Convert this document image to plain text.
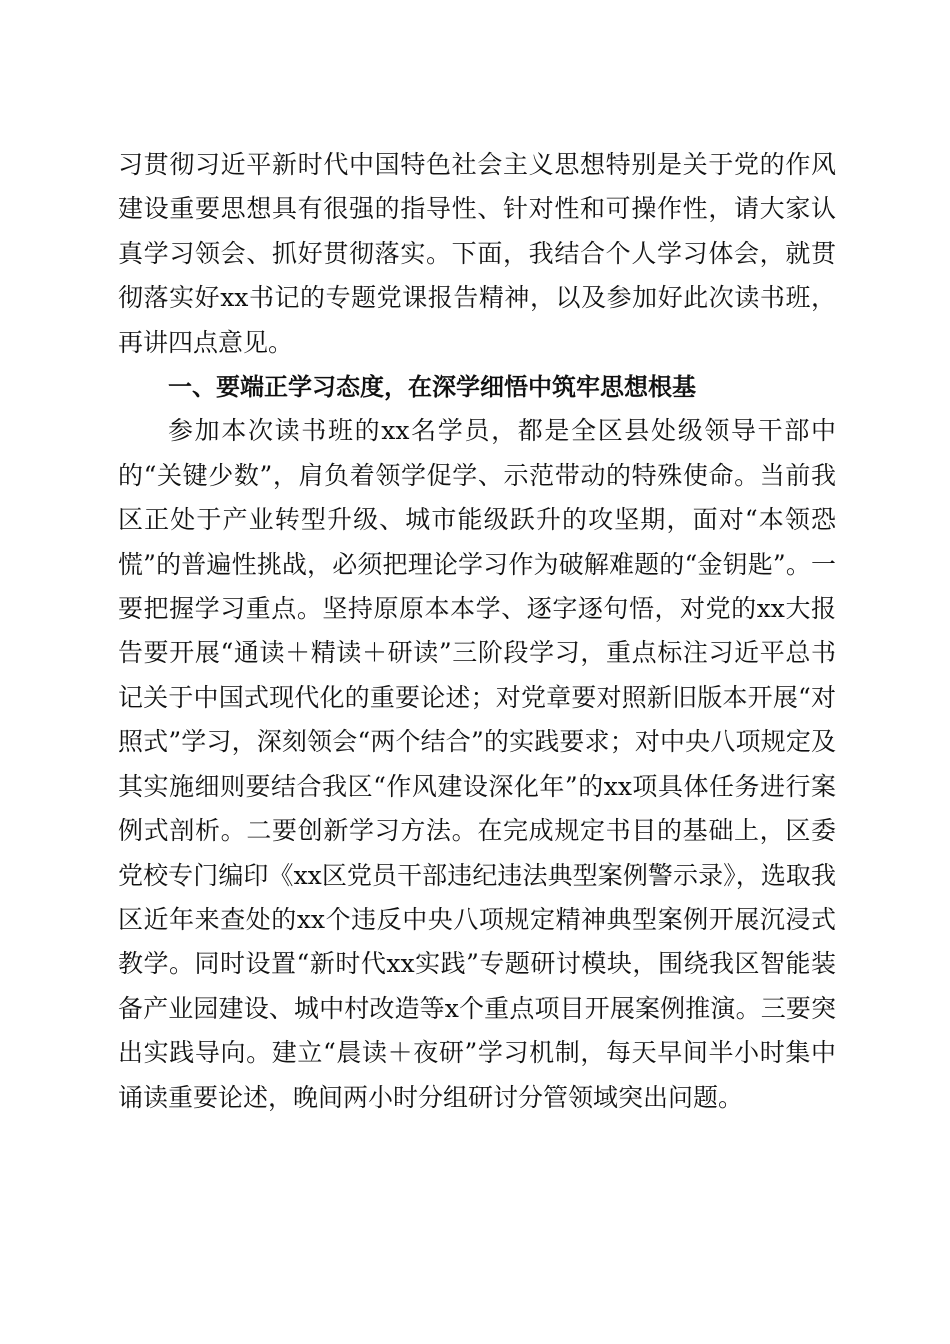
习贯彻习近平新时代中国特色社会主义思想特别是关于党的作风建设重要思想具有很强的指导性、针对性和可操作性，请大家认真学习领会、抓好贯彻落实。下面，我结合个人学习体会，就贯彻落实好xx书记的专题党课报告精神，以及参加好此次读书班，再讲四点意见。

一、要端正学习态度，在深学细悟中筑牢思想根基

参加本次读书班的xx名学员，都是全区县处级领导干部中的“关键少数”，肩负着领学促学、示范带动的特殊使命。当前我区正处于产业转型升级、城市能级跃升的攻坚期，面对“本领恐慌”的普遍性挑战，必须把理论学习作为破解难题的“金钥匙”。一要把握学习重点。坚持原原本本学、逐字逐句悟，对党的xx大报告要开展“通读＋精读＋研读”三阶段学习，重点标注习近平总书记关于中国式现代化的重要论述；对党章要对照新旧版本开展“对照式”学习，深刻领会“两个结合”的实践要求；对中央八项规定及其实施细则要结合我区“作风建设深化年”的xx项具体任务进行案例式剖析。二要创新学习方法。在完成规定书目的基础上，区委党校专门编印《xx区党员干部违纪违法典型案例警示录》，选取我区近年来查处的xx个违反中央八项规定精神典型案例开展沉浸式教学。同时设置“新时代xx实践”专题研讨模块，围绕我区智能装备产业园建设、城中村改造等x个重点项目开展案例推演。三要突出实践导向。建立“晨读＋夜研”学习机制，每天早间半小时集中诵读重要论述，晚间两小时分组研讨分管领域突出问题。
